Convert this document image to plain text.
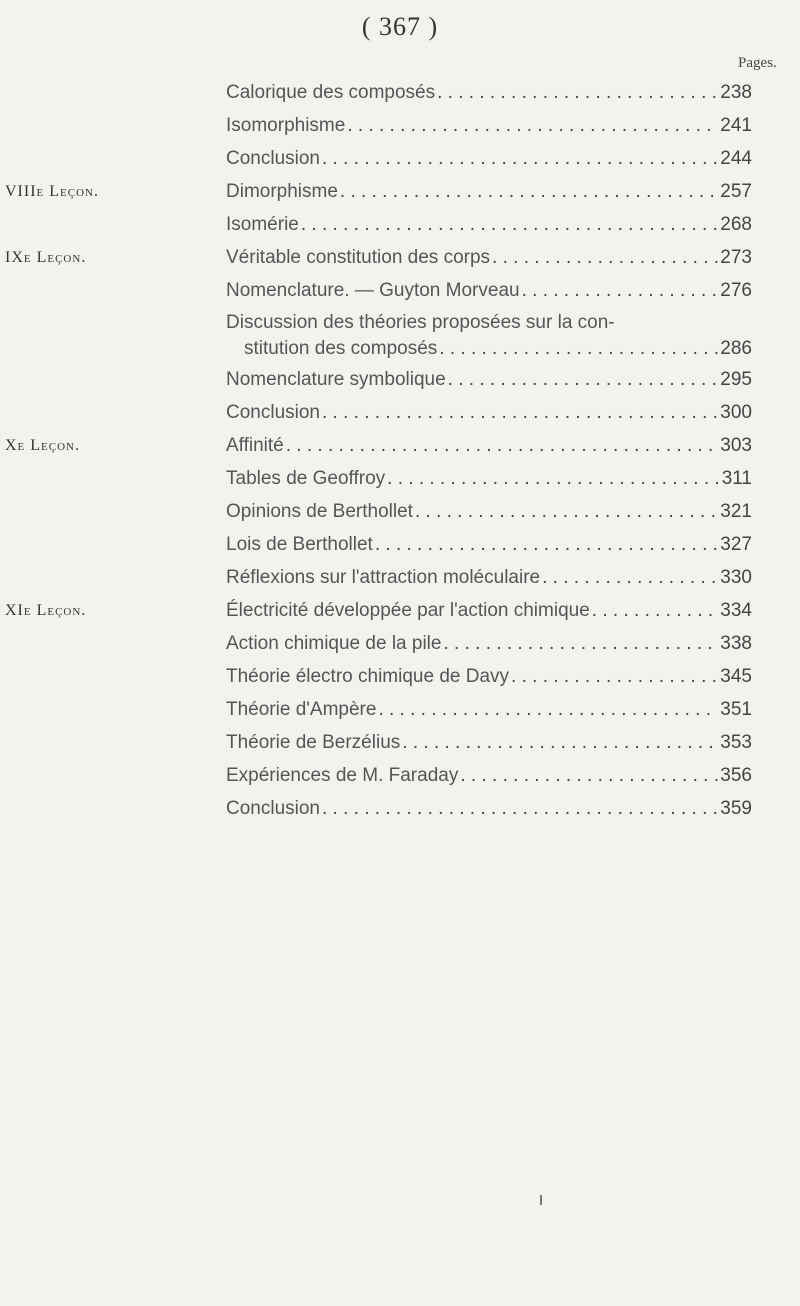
( 367 )
Pages.
Calorique des composés . . .	238
Isomorphisme . . .	241
Conclusion . . .	244
VIIIe Leçon.	Dimorphisme . . .	257
Isomérie . . .	268
IXe Leçon.	Véritable constitution des corps . . .	273
Nomenclature. — Guyton Morveau . . .	276
Discussion des théories proposées sur la con-
stitution des composés . . .	286
Nomenclature symbolique . . .	295
Conclusion . . .	300
Xe Leçon.	Affinité . . .	303
Tables de Geoffroy . . .	311
Opinions de Berthollet . . .	321
Lois de Berthollet . . .	327
Réflexions sur l'attraction moléculaire . . .	330
XIe Leçon.	Électricité développée par l'action chimique . . .	334
Action chimique de la pile . . .	338
Théorie électro chimique de Davy . . .	345
Théorie d'Ampère . . .	351
Théorie de Berzélius . . .	353
Expériences de M. Faraday . . .	356
Conclusion . . .	359
